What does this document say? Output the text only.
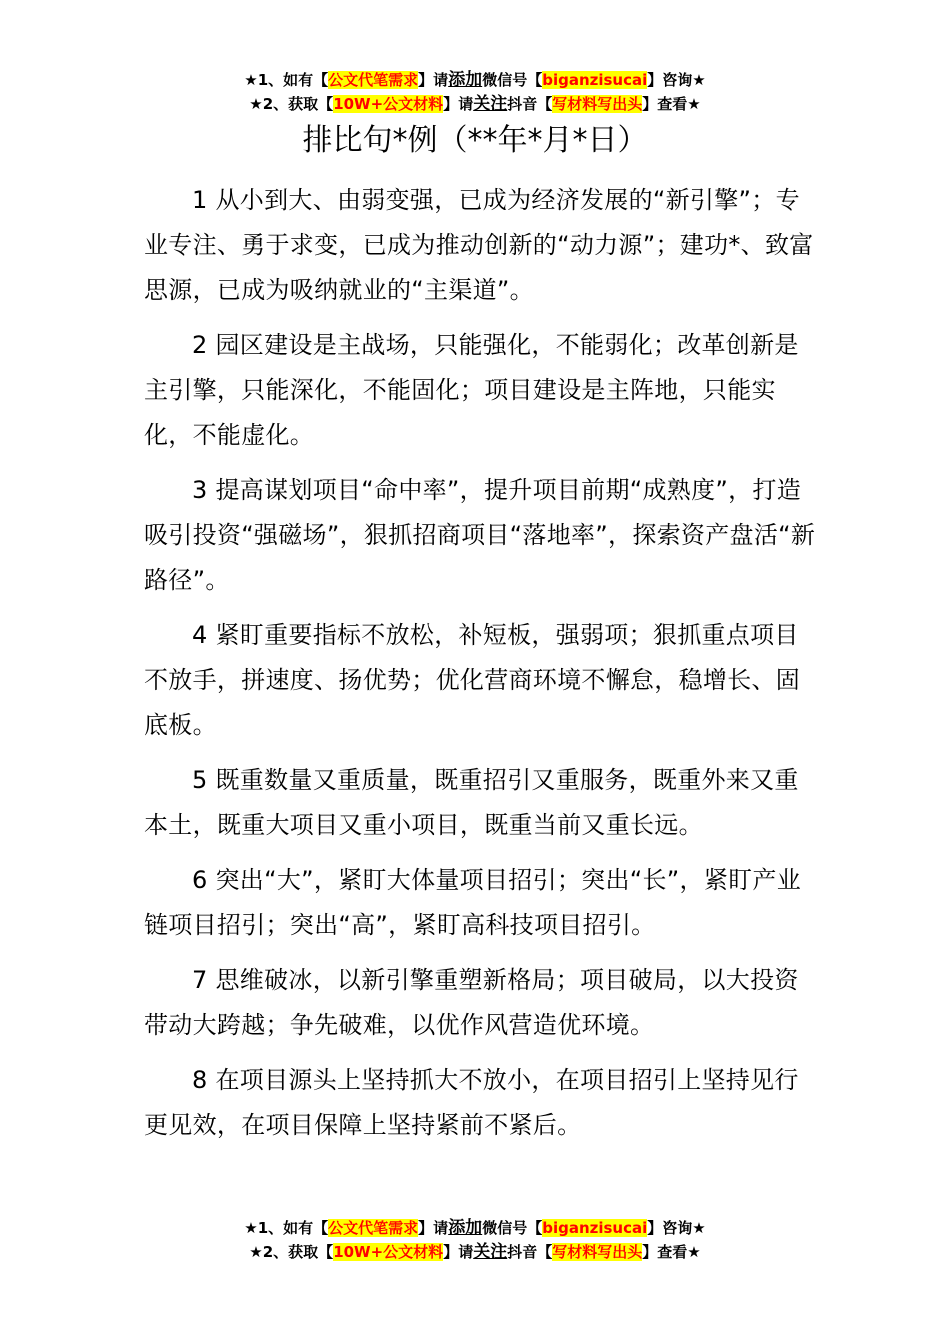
★1、如有【公文代笔需求】请添加微信号【biganzisucai】咨询★
★2、获取【10W+公文材料】请关注抖音【写材料写出头】查看★
排比句*例（**年*月*日）

1 从小到大、由弱变强，已成为经济发展的“新引擎”；专业专注、勇于求变，已成为推动创新的“动力源”；建功*、致富思源，已成为吸纳就业的“主渠道”。

2 园区建设是主战场，只能强化，不能弱化；改革创新是主引擎，只能深化，不能固化；项目建设是主阵地，只能实化，不能虚化。

3 提高谋划项目“命中率”，提升项目前期“成熟度”，打造吸引投资“强磁场”，狠抓招商项目“落地率”，探索资产盘活“新路径”。

4 紧盯重要指标不放松，补短板，强弱项；狠抓重点项目不放手，拼速度、扬优势；优化营商环境不懈怠，稳增长、固底板。

5 既重数量又重质量，既重招引又重服务，既重外来又重本土，既重大项目又重小项目，既重当前又重长远。

6 突出“大”，紧盯大体量项目招引；突出“长”，紧盯产业链项目招引；突出“高”，紧盯高科技项目招引。

7 思维破冰，以新引擎重塑新格局；项目破局，以大投资带动大跨越；争先破难，以优作风营造优环境。

8 在项目源头上坚持抓大不放小，在项目招引上坚持见行更见效，在项目保障上坚持紧前不紧后。

★1、如有【公文代笔需求】请添加微信号【biganzisucai】咨询★
★2、获取【10W+公文材料】请关注抖音【写材料写出头】查看★
